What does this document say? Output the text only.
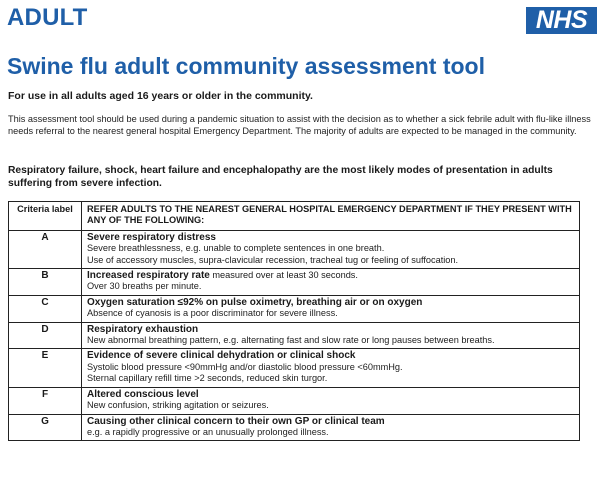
ADULT	NHS
Swine flu adult community assessment tool
For use in all adults aged 16 years or older in the community.
This assessment tool should be used during a pandemic situation to assist with the decision as to whether a sick febrile adult with flu-like illness needs referral to the nearest general hospital Emergency Department. The majority of adults are expected to be managed in the community.
Respiratory failure, shock, heart failure and encephalopathy are the most likely modes of presentation in adults suffering from severe infection.
Criteria label	REFER ADULTS TO THE NEAREST GENERAL HOSPITAL EMERGENCY DEPARTMENT IF THEY PRESENT WITH ANY OF THE FOLLOWING:
A	Severe respiratory distress
Severe breathlessness, e.g. unable to complete sentences in one breath.
Use of accessory muscles, supra-clavicular recession, tracheal tug or feeling of suffocation.

B	Increased respiratory rate measured over at least 30 seconds.
Over 30 breaths per minute.

C	Oxygen saturation ≤92% on pulse oximetry, breathing air or on oxygen
Absence of cyanosis is a poor discriminator for severe illness.

D	Respiratory exhaustion
New abnormal breathing pattern, e.g. alternating fast and slow rate or long pauses between breaths.

E	Evidence of severe clinical dehydration or clinical shock
Systolic blood pressure <90mmHg and/or diastolic blood pressure <60mmHg.
Sternal capillary refill time >2 seconds, reduced skin turgor.

F	Altered conscious level
New confusion, striking agitation or seizures.

G	Causing other clinical concern to their own GP or clinical team
e.g. a rapidly progressive or an unusually prolonged illness.
